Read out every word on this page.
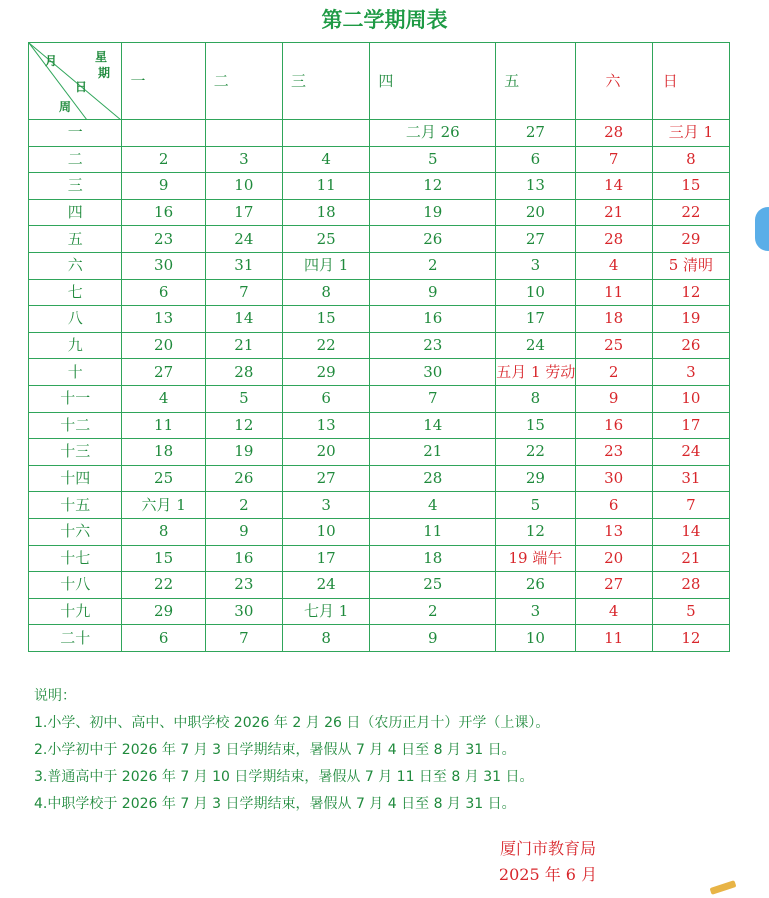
第二学期周表
月 星
期
日
周	一	二	三	四	五	六	日
一				二月 26	27	28	三月 1
二	2	3	4	5	6	7	8
三	9	10	11	12	13	14	15
四	16	17	18	19	20	21	22
五	23	24	25	26	27	28	29
六	30	31	四月 1	2	3	4	5 清明
七	6	7	8	9	10	11	12
八	13	14	15	16	17	18	19
九	20	21	22	23	24	25	26
十	27	28	29	30	五月 1 劳动	2	3
十一	4	5	6	7	8	9	10
十二	11	12	13	14	15	16	17
十三	18	19	20	21	22	23	24
十四	25	26	27	28	29	30	31
十五	六月 1	2	3	4	5	6	7
十六	8	9	10	11	12	13	14
十七	15	16	17	18	19 端午	20	21
十八	22	23	24	25	26	27	28
十九	29	30	七月 1	2	3	4	5
二十	6	7	8	9	10	11	12
说明：
1.小学、初中、高中、中职学校 2026 年 2 月 26 日（农历正月十）开学（上课）。
2.小学初中于 2026 年 7 月 3 日学期结束，暑假从 7 月 4 日至 8 月 31 日。
3.普通高中于 2026 年 7 月 10 日学期结束，暑假从 7 月 11 日至 8 月 31 日。
4.中职学校于 2026 年 7 月 3 日学期结束，暑假从 7 月 4 日至 8 月 31 日。
厦门市教育局
2025 年 6 月
